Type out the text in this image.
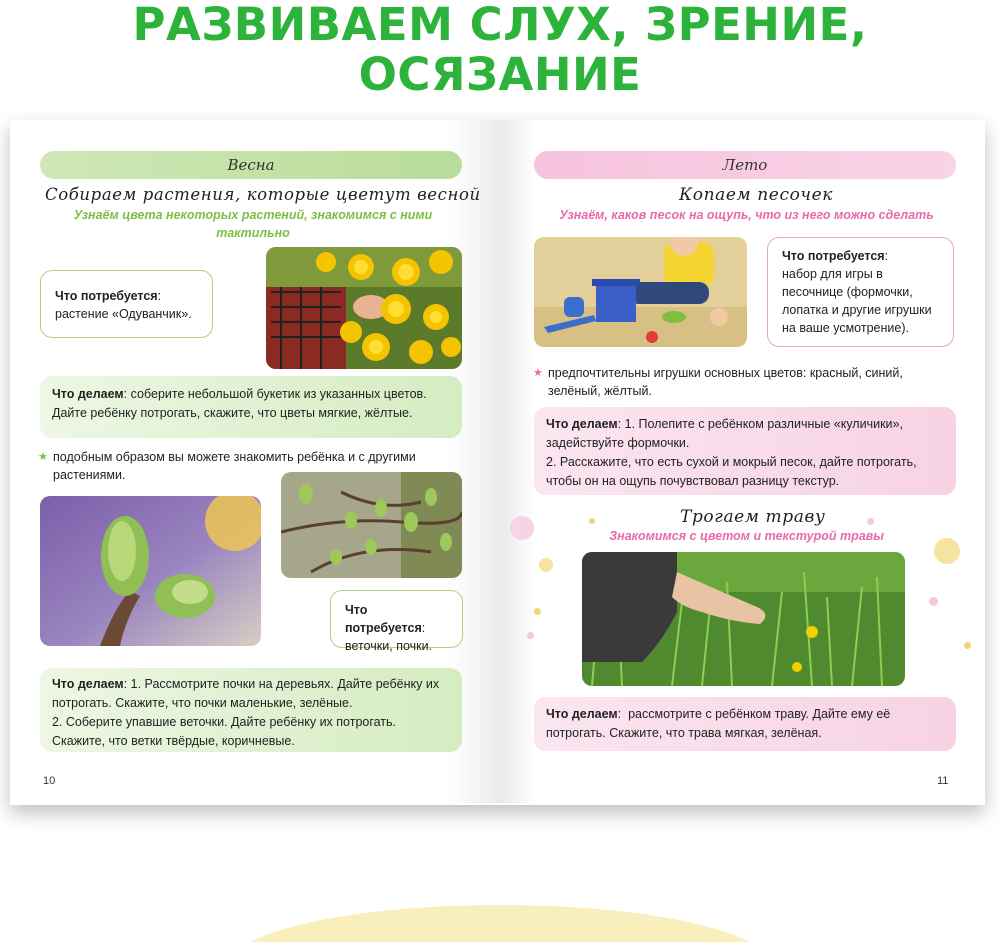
РАЗВИВАЕМ СЛУХ, ЗРЕНИЕ, ОСЯЗАНИЕ
Весна
Собираем растения, которые цветут весной
Узнаём цвета некоторых растений, знакомимся с ними тактильно
Что потребуется:
растение «Одуванчик».
Что делаем: соберите небольшой букетик из указанных цветов. Дайте ребёнку потрогать, скажите, что цветы мягкие, жёлтые.
★ подобным образом вы можете знакомить ребёнка и с другими растениями.
Что потребуется:
веточки, почки.
Что делаем: 1. Рассмотрите почки на деревьях. Дайте ребёнку их потрогать. Скажите, что почки маленькие, зелёные.
2. Соберите упавшие веточки. Дайте ребёнку их потрогать. Скажите, что ветки твёрдые, коричневые.
10
Лето
Копаем песочек
Узнаём, каков песок на ощупь, что из него можно сделать
Что потребуется:
набор для игры в песочнице (формочки, лопатка и другие игрушки на ваше усмотрение).
★ предпочтительны игрушки основных цветов: красный, синий, зелёный, жёлтый.
Что делаем: 1. Полепите с ребёнком различные «куличики», задействуйте формочки.
2. Расскажите, что есть сухой и мокрый песок, дайте потрогать, чтобы он на ощупь почувствовал разницу текстур.
Трогаем траву
Знакомимся с цветом и текстурой травы
Что делаем:  рассмотрите с ребёнком траву. Дайте ему её потрогать. Скажите, что трава мягкая, зелёная.
11
